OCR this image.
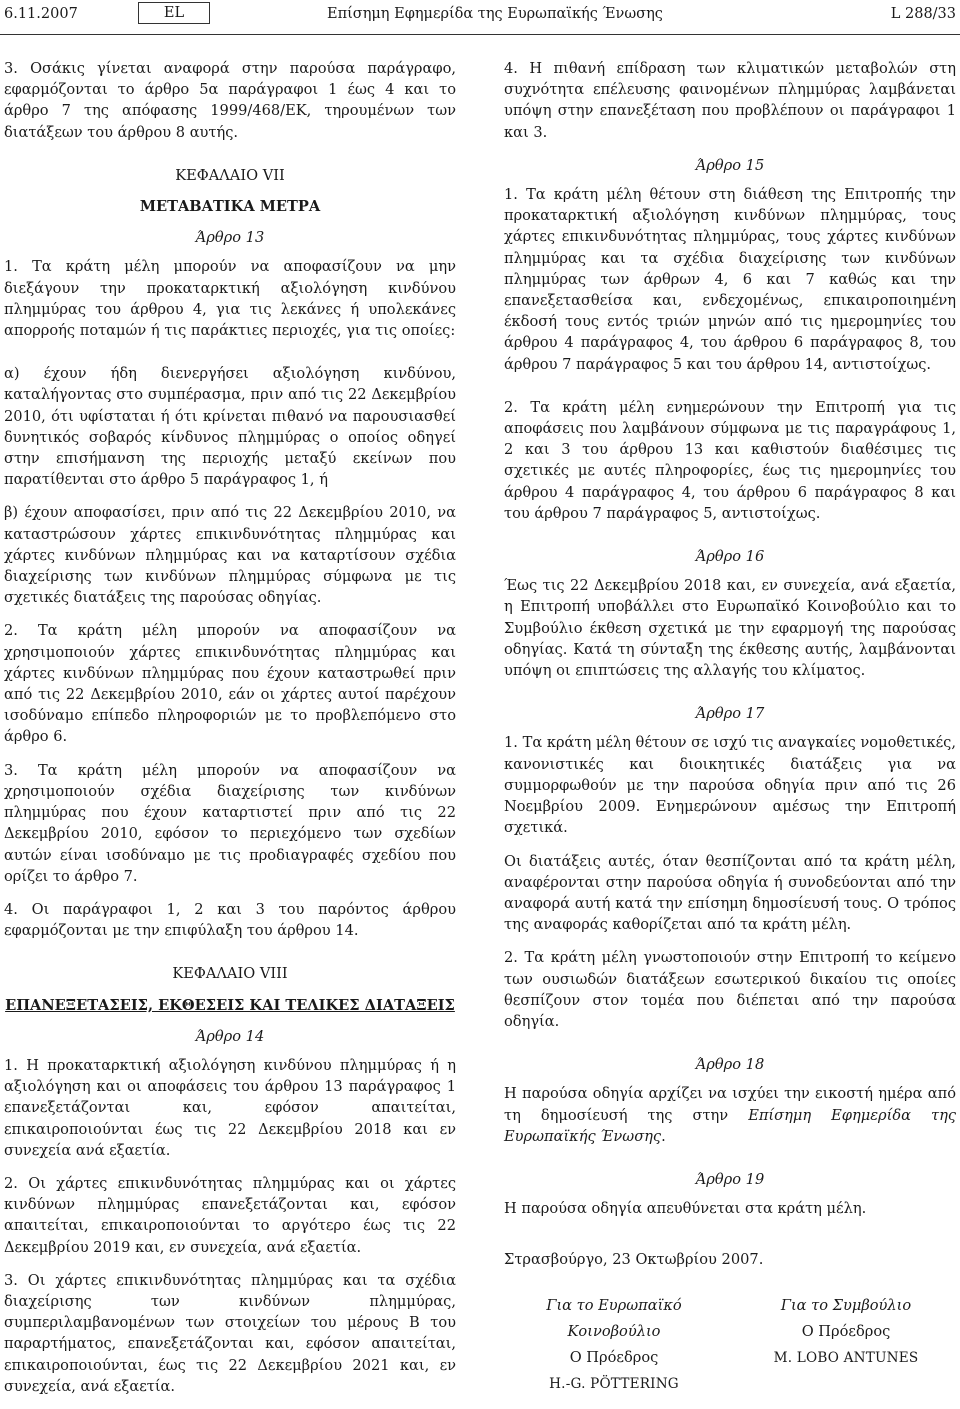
6.11.2007	EL	Επίσημη Εφημερίδα της Ευρωπαϊκής Ένωσης	L 288/33

3. Οσάκις γίνεται αναφορά στην παρούσα παράγραφο, εφαρμόζονται το άρθρο 5α παράγραφοι 1 έως 4 και το άρθρο 7 της απόφασης 1999/468/ΕΚ, τηρουμένων των διατάξεων του άρθρου 8 αυτής.

ΚΕΦΑΛΑΙΟ VII
ΜΕΤΑΒΑΤΙΚΑ ΜΕΤΡΑ
Άρθρο 13

1. Τα κράτη μέλη μπορούν να αποφασίζουν να μην διεξάγουν την προκαταρκτική αξιολόγηση κινδύνου πλημμύρας του άρθρου 4, για τις λεκάνες ή υπολεκάνες απορροής ποταμών ή τις παράκτιες περιοχές, για τις οποίες:

α) έχουν ήδη διενεργήσει αξιολόγηση κινδύνου, καταλήγοντας στο συμπέρασμα, πριν από τις 22 Δεκεμβρίου 2010, ότι υφίσταται ή ότι κρίνεται πιθανό να παρουσιασθεί δυνητικός σοβαρός κίνδυνος πλημμύρας ο οποίος οδηγεί στην επισήμανση της περιοχής μεταξύ εκείνων που παρατίθενται στο άρθρο 5 παράγραφος 1, ή

β) έχουν αποφασίσει, πριν από τις 22 Δεκεμβρίου 2010, να καταστρώσουν χάρτες επικινδυνότητας πλημμύρας και χάρτες κινδύνων πλημμύρας και να καταρτίσουν σχέδια διαχείρισης των κινδύνων πλημμύρας σύμφωνα με τις σχετικές διατάξεις της παρούσας οδηγίας.

2. Τα κράτη μέλη μπορούν να αποφασίζουν να χρησιμοποιούν χάρτες επικινδυνότητας πλημμύρας και χάρτες κινδύνων πλημμύρας που έχουν καταστρωθεί πριν από τις 22 Δεκεμβρίου 2010, εάν οι χάρτες αυτοί παρέχουν ισοδύναμο επίπεδο πληροφοριών με το προβλεπόμενο στο άρθρο 6.

3. Τα κράτη μέλη μπορούν να αποφασίζουν να χρησιμοποιούν σχέδια διαχείρισης των κινδύνων πλημμύρας που έχουν καταρτιστεί πριν από τις 22 Δεκεμβρίου 2010, εφόσον το περιεχόμενο των σχεδίων αυτών είναι ισοδύναμο με τις προδιαγραφές σχεδίου που ορίζει το άρθρο 7.

4. Οι παράγραφοι 1, 2 και 3 του παρόντος άρθρου εφαρμόζονται με την επιφύλαξη του άρθρου 14.

ΚΕΦΑΛΑΙΟ VIII
ΕΠΑΝΕΞΕΤΑΣΕΙΣ, ΕΚΘΕΣΕΙΣ ΚΑΙ ΤΕΛΙΚΕΣ ΔΙΑΤΑΞΕΙΣ
Άρθρο 14

1. Η προκαταρκτική αξιολόγηση κινδύνου πλημμύρας ή η αξιολόγηση και οι αποφάσεις του άρθρου 13 παράγραφος 1 επανεξετάζονται και, εφόσον απαιτείται, επικαιροποιούνται έως τις 22 Δεκεμβρίου 2018 και εν συνεχεία ανά εξαετία.

2. Οι χάρτες επικινδυνότητας πλημμύρας και οι χάρτες κινδύνων πλημμύρας επανεξετάζονται και, εφόσον απαιτείται, επικαιροποιούνται το αργότερο έως τις 22 Δεκεμβρίου 2019 και, εν συνεχεία, ανά εξαετία.

3. Οι χάρτες επικινδυνότητας πλημμύρας και τα σχέδια διαχείρισης των κινδύνων πλημμύρας, συμπεριλαμβανομένων των στοιχείων του μέρους Β του παραρτήματος, επανεξετάζονται και, εφόσον απαιτείται, επικαιροποιούνται, έως τις 22 Δεκεμβρίου 2021 και, εν συνεχεία, ανά εξαετία.

4. Η πιθανή επίδραση των κλιματικών μεταβολών στη συχνότητα επέλευσης φαινομένων πλημμύρας λαμβάνεται υπόψη στην επανεξέταση που προβλέπουν οι παράγραφοι 1 και 3.

Άρθρο 15

1. Τα κράτη μέλη θέτουν στη διάθεση της Επιτροπής την προκαταρκτική αξιολόγηση κινδύνων πλημμύρας, τους χάρτες επικινδυνότητας πλημμύρας, τους χάρτες κινδύνων πλημμύρας και τα σχέδια διαχείρισης των κινδύνων πλημμύρας των άρθρων 4, 6 και 7 καθώς και την επανεξετασθείσα και, ενδεχομένως, επικαιροποιημένη έκδοσή τους εντός τριών μηνών από τις ημερομηνίες του άρθρου 4 παράγραφος 4, του άρθρου 6 παράγραφος 8, του άρθρου 7 παράγραφος 5 και του άρθρου 14, αντιστοίχως.

2. Τα κράτη μέλη ενημερώνουν την Επιτροπή για τις αποφάσεις που λαμβάνουν σύμφωνα με τις παραγράφους 1, 2 και 3 του άρθρου 13 και καθιστούν διαθέσιμες τις σχετικές με αυτές πληροφορίες, έως τις ημερομηνίες του άρθρου 4 παράγραφος 4, του άρθρου 6 παράγραφος 8 και του άρθρου 7 παράγραφος 5, αντιστοίχως.

Άρθρο 16

Έως τις 22 Δεκεμβρίου 2018 και, εν συνεχεία, ανά εξαετία, η Επιτροπή υποβάλλει στο Ευρωπαϊκό Κοινοβούλιο και το Συμβούλιο έκθεση σχετικά με την εφαρμογή της παρούσας οδηγίας. Κατά τη σύνταξη της έκθεσης αυτής, λαμβάνονται υπόψη οι επιπτώσεις της αλλαγής του κλίματος.

Άρθρο 17

1. Τα κράτη μέλη θέτουν σε ισχύ τις αναγκαίες νομοθετικές, κανονιστικές και διοικητικές διατάξεις για να συμμορφωθούν με την παρούσα οδηγία πριν από τις 26 Νοεμβρίου 2009. Ενημερώνουν αμέσως την Επιτροπή σχετικά.

Οι διατάξεις αυτές, όταν θεσπίζονται από τα κράτη μέλη, αναφέρονται στην παρούσα οδηγία ή συνοδεύονται από την αναφορά αυτή κατά την επίσημη δημοσίευσή τους. Ο τρόπος της αναφοράς καθορίζεται από τα κράτη μέλη.

2. Τα κράτη μέλη γνωστοποιούν στην Επιτροπή το κείμενο των ουσιωδών διατάξεων εσωτερικού δικαίου τις οποίες θεσπίζουν στον τομέα που διέπεται από την παρούσα οδηγία.

Άρθρο 18

Η παρούσα οδηγία αρχίζει να ισχύει την εικοστή ημέρα από τη δημοσίευσή της στην Επίσημη Εφημερίδα της Ευρωπαϊκής Ένωσης.

Άρθρο 19

Η παρούσα οδηγία απευθύνεται στα κράτη μέλη.

Στρασβούργο, 23 Οκτωβρίου 2007.

Για το Ευρωπαϊκό Κοινοβούλιο
Ο Πρόεδρος
H.-G. PÖTTERING
Για το Συμβούλιο
Ο Πρόεδρος
M. LOBO ANTUNES
